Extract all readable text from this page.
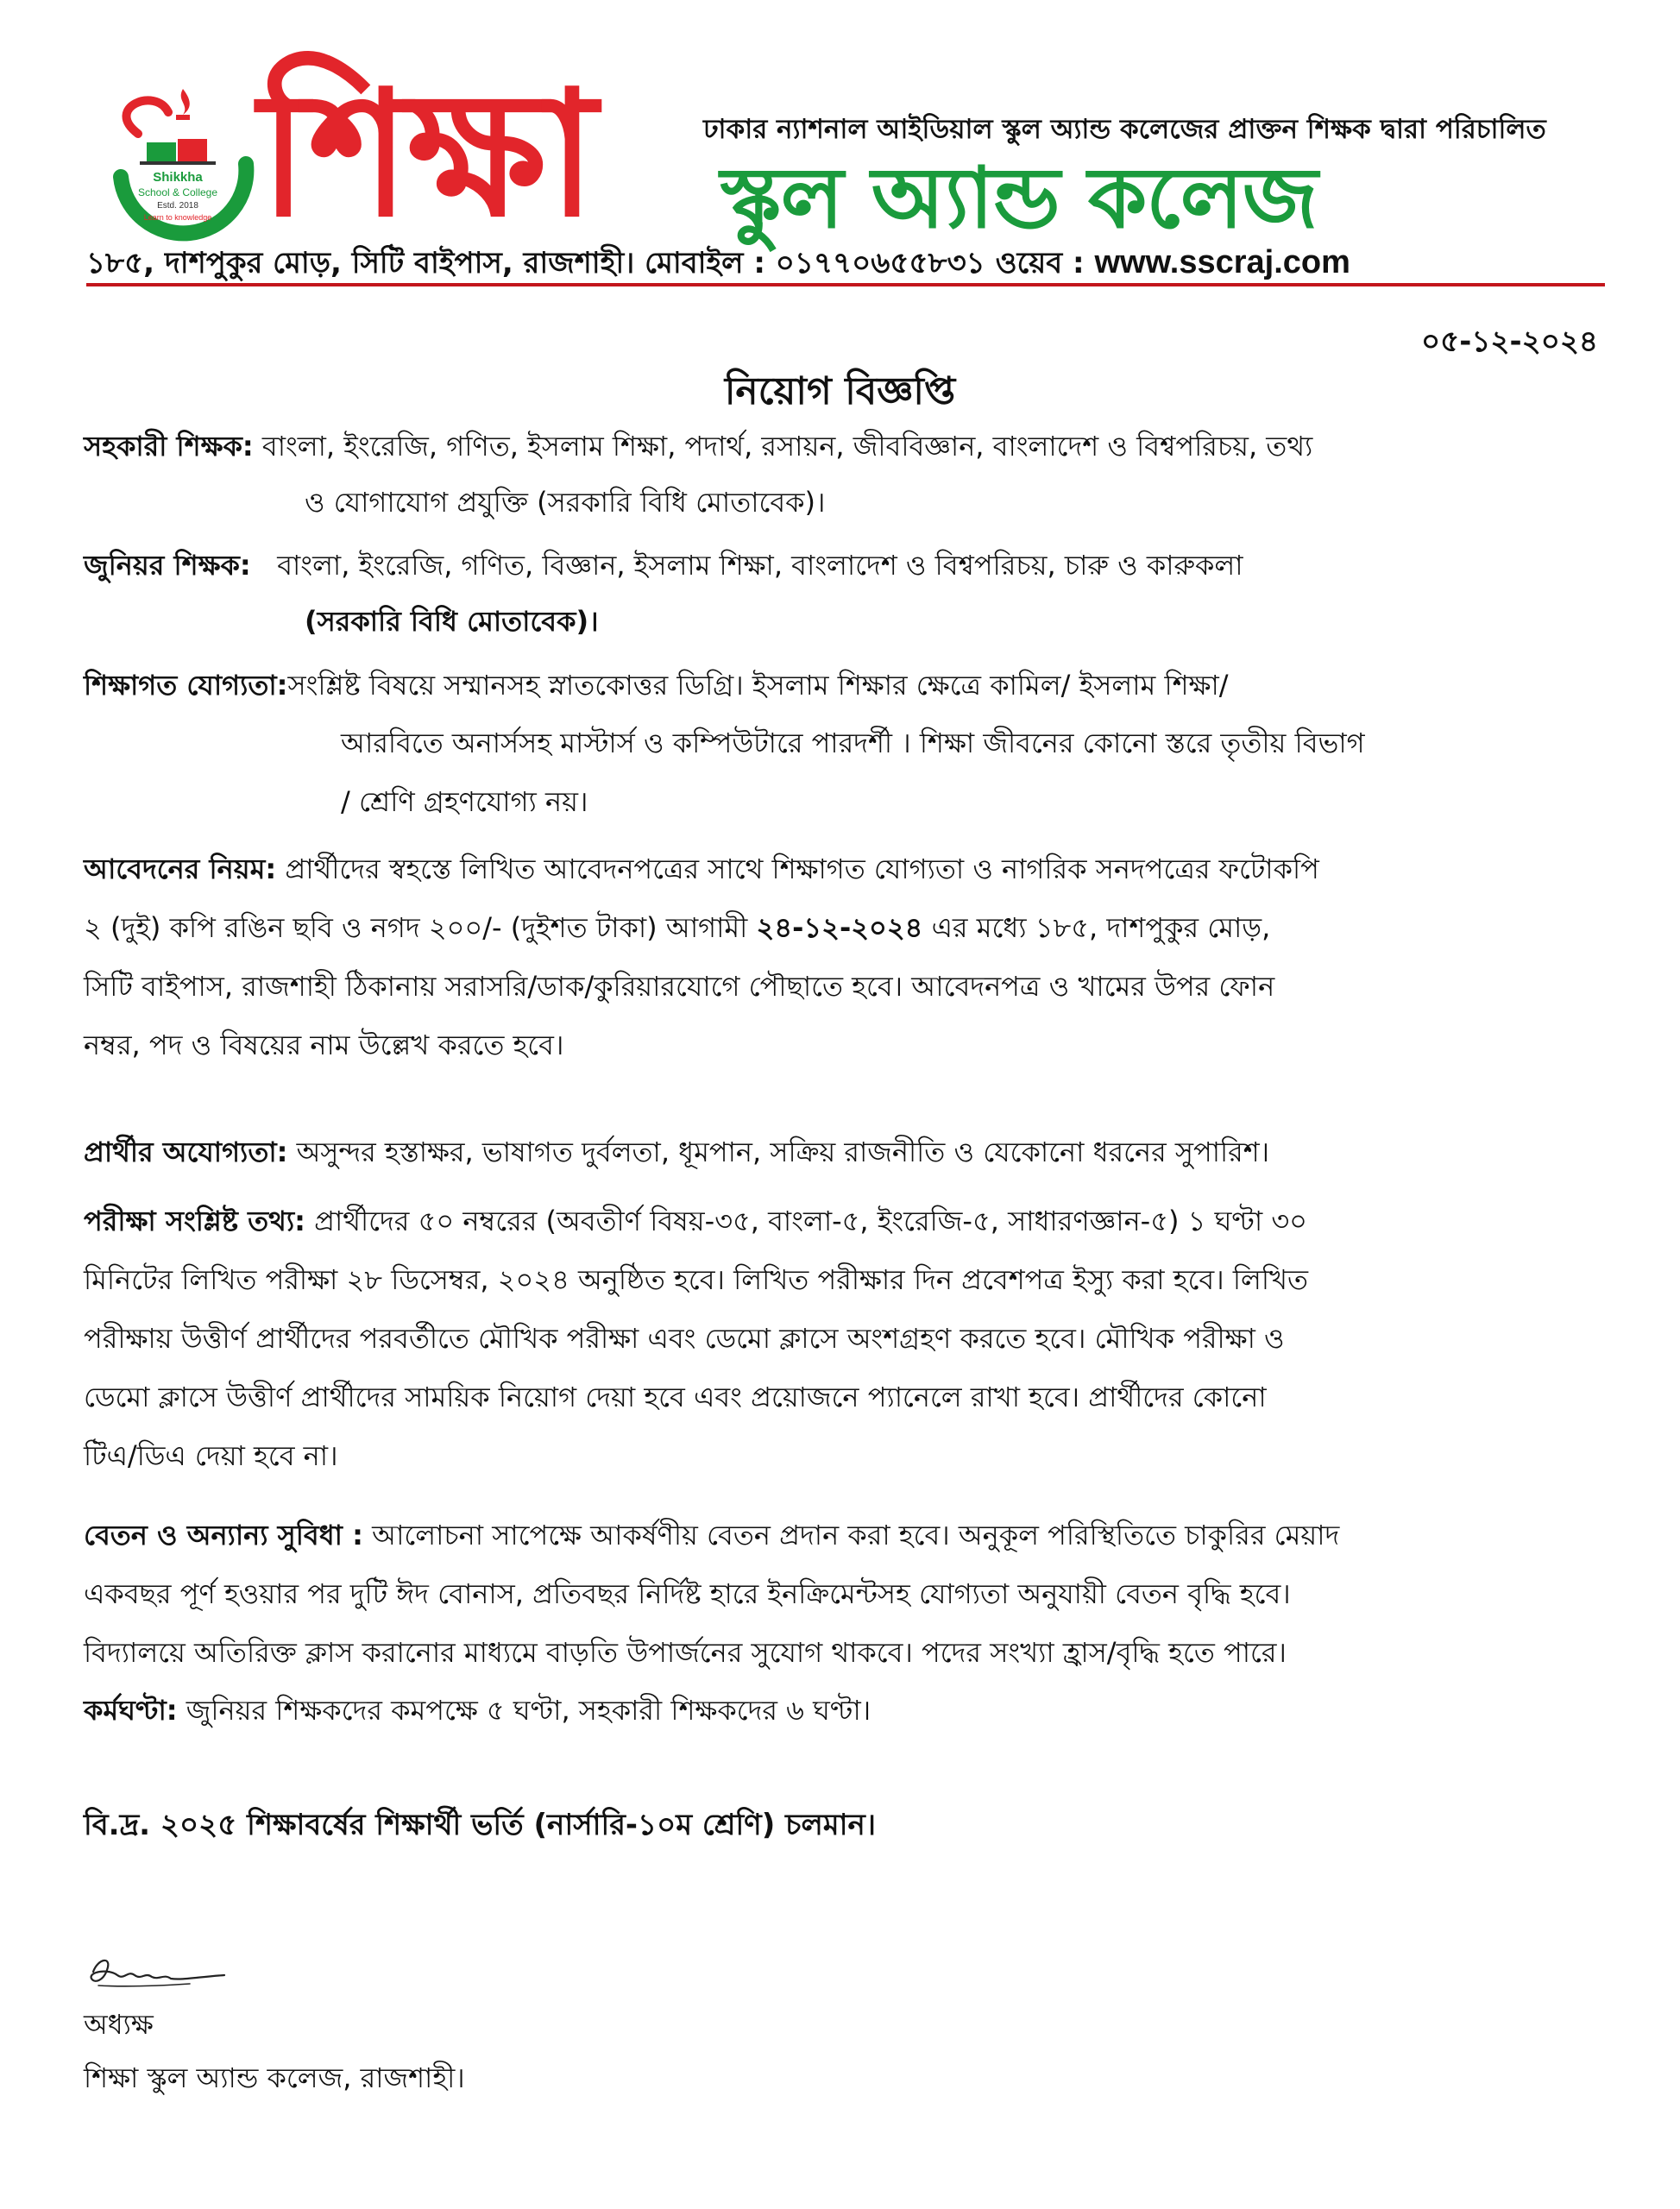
Shikkha
School & College
Estd. 2018
Learn to knowledge শিক্ষা	ঢাকার ন্যাশনাল আইডিয়াল স্কুল অ্যান্ড কলেজের প্রাক্তন শিক্ষক দ্বারা পরিচালিত
স্কুল অ্যান্ড কলেজ
১৮৫, দাশপুকুর মোড়, সিটি বাইপাস, রাজশাহী। মোবাইল : ০১৭৭০৬৫৫৮৩১ ওয়েব : www.sscraj.com
০৫-১২-২০২৪
নিয়োগ বিজ্ঞপ্তি
সহকারী শিক্ষক: বাংলা, ইংরেজি, গণিত, ইসলাম শিক্ষা, পদার্থ, রসায়ন, জীববিজ্ঞান, বাংলাদেশ ও বিশ্বপরিচয়, তথ্য
ও যোগাযোগ প্রযুক্তি (সরকারি বিধি মোতাবেক)।
জুনিয়র শিক্ষক: বাংলা, ইংরেজি, গণিত, বিজ্ঞান, ইসলাম শিক্ষা, বাংলাদেশ ও বিশ্বপরিচয়, চারু ও কারুকলা
(সরকারি বিধি মোতাবেক)।
শিক্ষাগত যোগ্যতা:সংশ্লিষ্ট বিষয়ে সম্মানসহ স্নাতকোত্তর ডিগ্রি। ইসলাম শিক্ষার ক্ষেত্রে কামিল/ ইসলাম শিক্ষা/
আরবিতে অনার্সসহ মাস্টার্স ও কম্পিউটারে পারদর্শী । শিক্ষা জীবনের কোনো স্তরে তৃতীয় বিভাগ
/ শ্রেণি গ্রহণযোগ্য নয়।
আবেদনের নিয়ম: প্রার্থীদের স্বহস্তে লিখিত আবেদনপত্রের সাথে শিক্ষাগত যোগ্যতা ও নাগরিক সনদপত্রের ফটোকপি
২ (দুই) কপি রঙিন ছবি ও নগদ ২০০/- (দুইশত টাকা) আগামী ২৪-১২-২০২৪ এর মধ্যে ১৮৫, দাশপুকুর মোড়,
সিটি বাইপাস, রাজশাহী ঠিকানায় সরাসরি/ডাক/কুরিয়ারযোগে পৌছাতে হবে। আবেদনপত্র ও খামের উপর ফোন
নম্বর, পদ ও বিষয়ের নাম উল্লেখ করতে হবে।
প্রার্থীর অযোগ্যতা: অসুন্দর হস্তাক্ষর, ভাষাগত দুর্বলতা, ধূমপান, সক্রিয় রাজনীতি ও যেকোনো ধরনের সুপারিশ।
পরীক্ষা সংশ্লিষ্ট তথ্য: প্রার্থীদের ৫০ নম্বরের (অবতীর্ণ বিষয়-৩৫, বাংলা-৫, ইংরেজি-৫, সাধারণজ্ঞান-৫) ১ ঘণ্টা ৩০
মিনিটের লিখিত পরীক্ষা ২৮ ডিসেম্বর, ২০২৪ অনুষ্ঠিত হবে। লিখিত পরীক্ষার দিন প্রবেশপত্র ইস্যু করা হবে। লিখিত
পরীক্ষায় উত্তীর্ণ প্রার্থীদের পরবর্তীতে মৌখিক পরীক্ষা এবং ডেমো ক্লাসে অংশগ্রহণ করতে হবে। মৌখিক পরীক্ষা ও
ডেমো ক্লাসে উত্তীর্ণ প্রার্থীদের সাময়িক নিয়োগ দেয়া হবে এবং প্রয়োজনে প্যানেলে রাখা হবে। প্রার্থীদের কোনো
টিএ/ডিএ দেয়া হবে না।
বেতন ও অন্যান্য সুবিধা : আলোচনা সাপেক্ষে আকর্ষণীয় বেতন প্রদান করা হবে। অনুকূল পরিস্থিতিতে চাকুরির মেয়াদ
একবছর পূর্ণ হওয়ার পর দুটি ঈদ বোনাস, প্রতিবছর নির্দিষ্ট হারে ইনক্রিমেন্টসহ যোগ্যতা অনুযায়ী বেতন বৃদ্ধি হবে।
বিদ্যালয়ে অতিরিক্ত ক্লাস করানোর মাধ্যমে বাড়তি উপার্জনের সুযোগ থাকবে। পদের সংখ্যা হ্রাস/বৃদ্ধি হতে পারে।
কর্মঘণ্টা: জুনিয়র শিক্ষকদের কমপক্ষে ৫ ঘণ্টা, সহকারী শিক্ষকদের ৬ ঘণ্টা।
বি.দ্র. ২০২৫ শিক্ষাবর্ষের শিক্ষার্থী ভর্তি (নার্সারি-১০ম শ্রেণি) চলমান।
অধ্যক্ষ
শিক্ষা স্কুল অ্যান্ড কলেজ, রাজশাহী।
